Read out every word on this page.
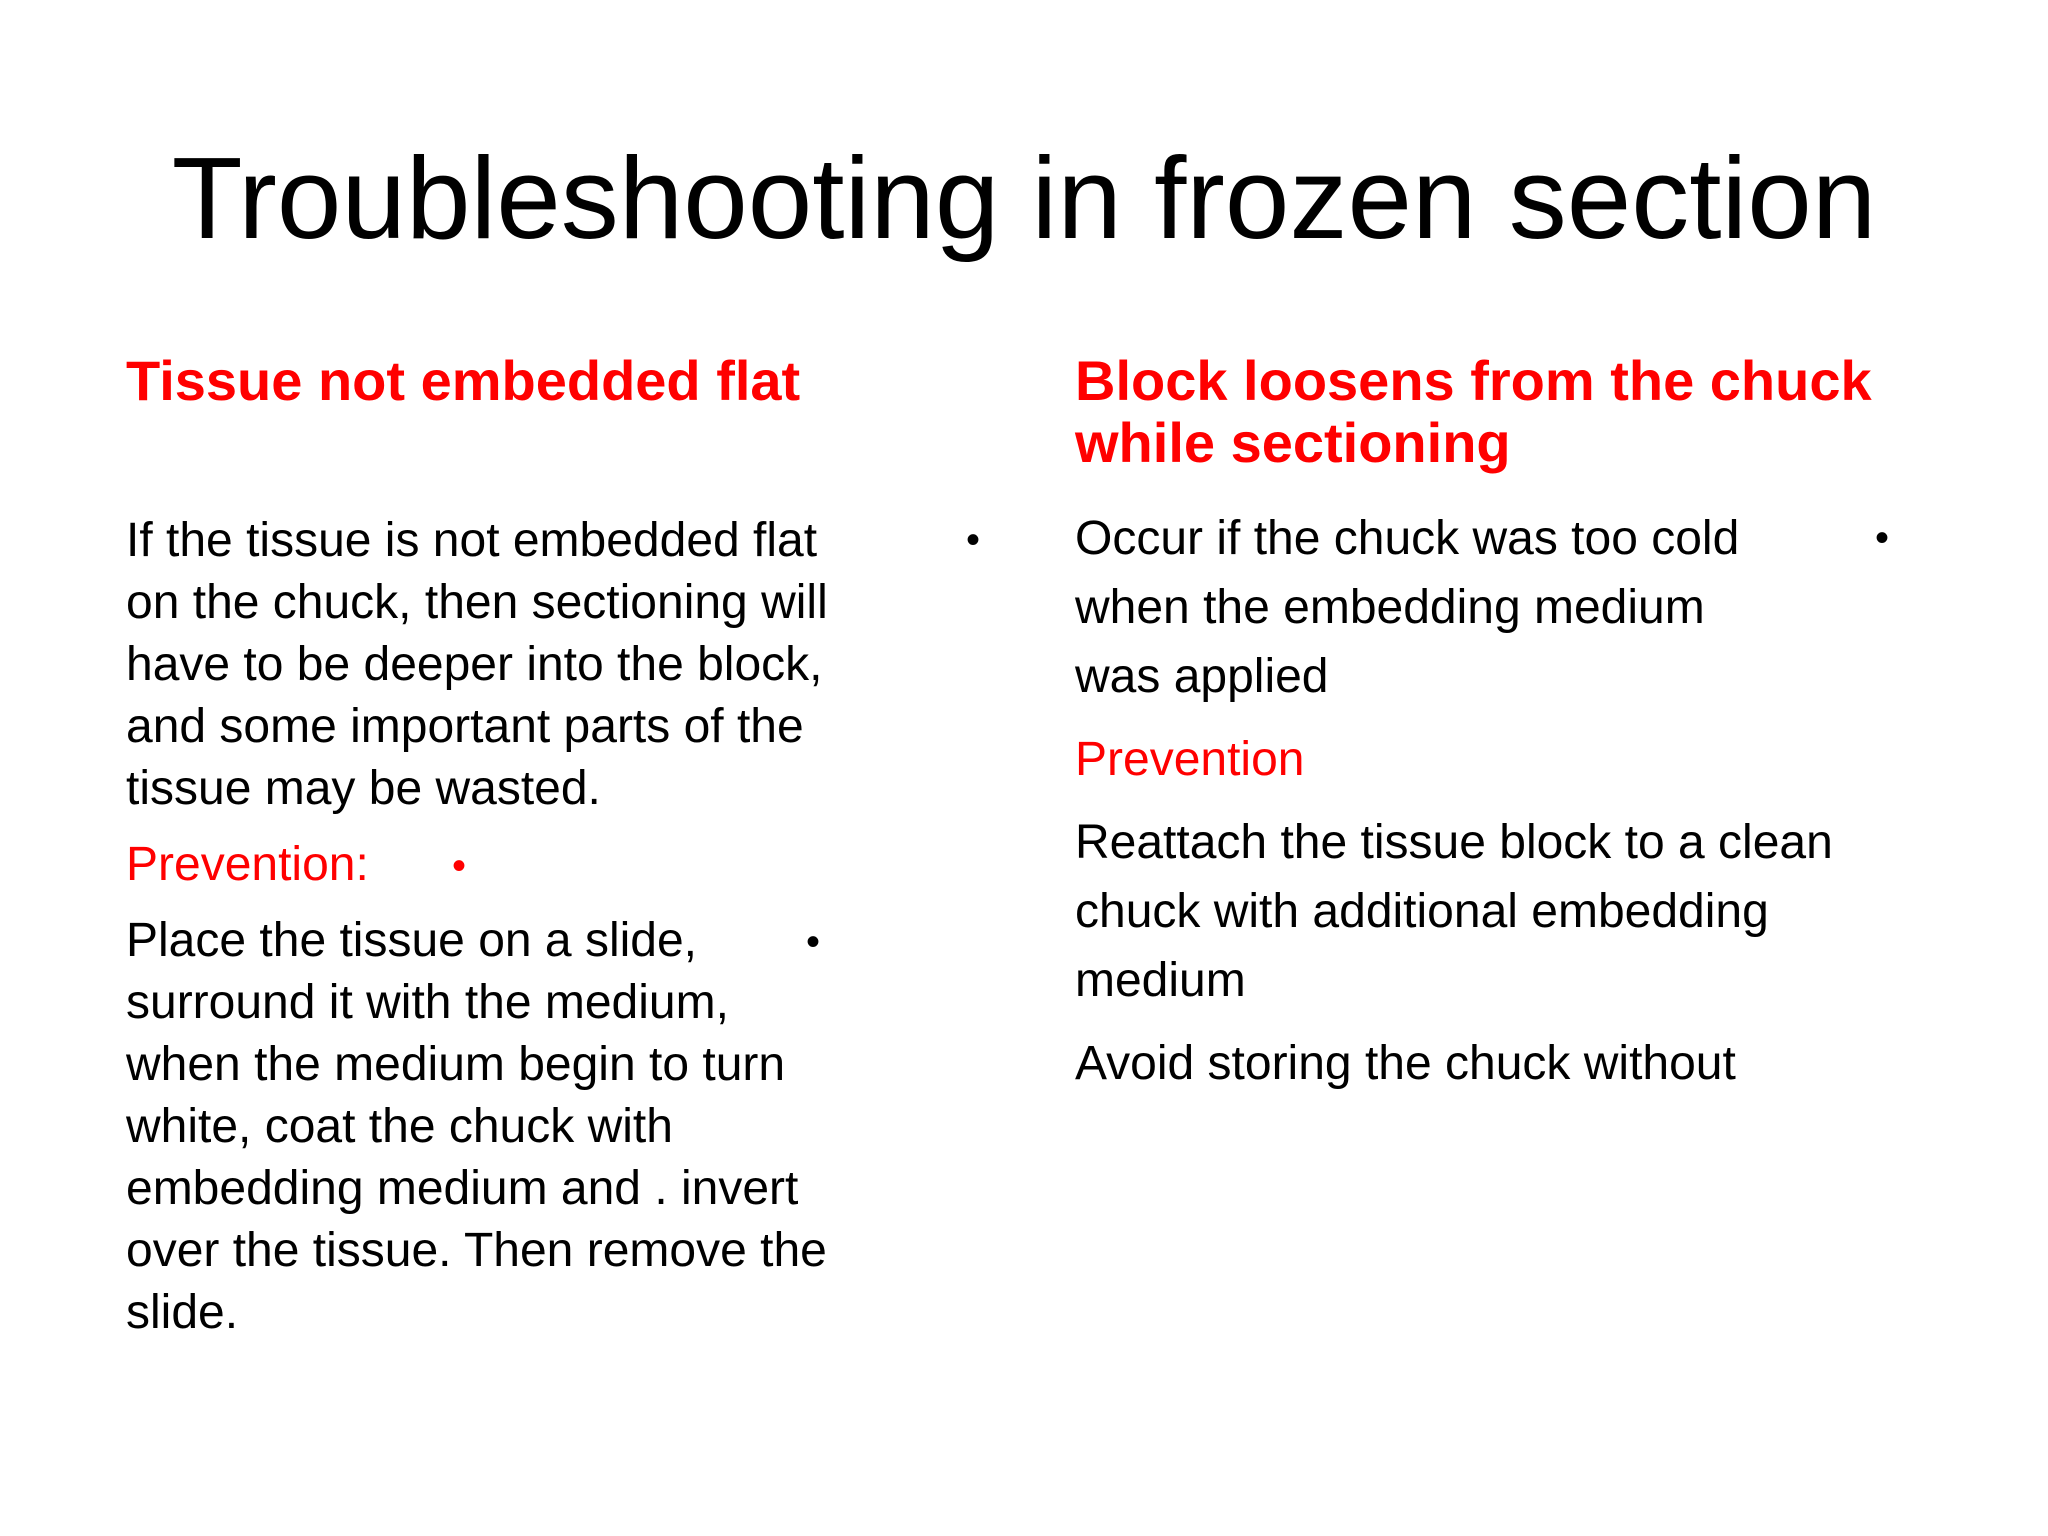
Troubleshooting in frozen section

Tissue not embedded flat

If the tissue is not embedded flat
on the chuck, then sectioning will
have to be deeper into the block,
and some important parts of the
tissue may be wasted.
•
Prevention: •
Place the tissue on a slide,
surround it with the medium,
when the medium begin to turn
white, coat the chuck with
embedding medium and . invert
over the tissue. Then remove the
slide.
•

Block loosens from the chuck
while sectioning

Occur if the chuck was too cold
when the embedding medium
was applied
•
Prevention
Reattach the tissue block to a clean
chuck with additional embedding
medium
Avoid storing the chuck without
